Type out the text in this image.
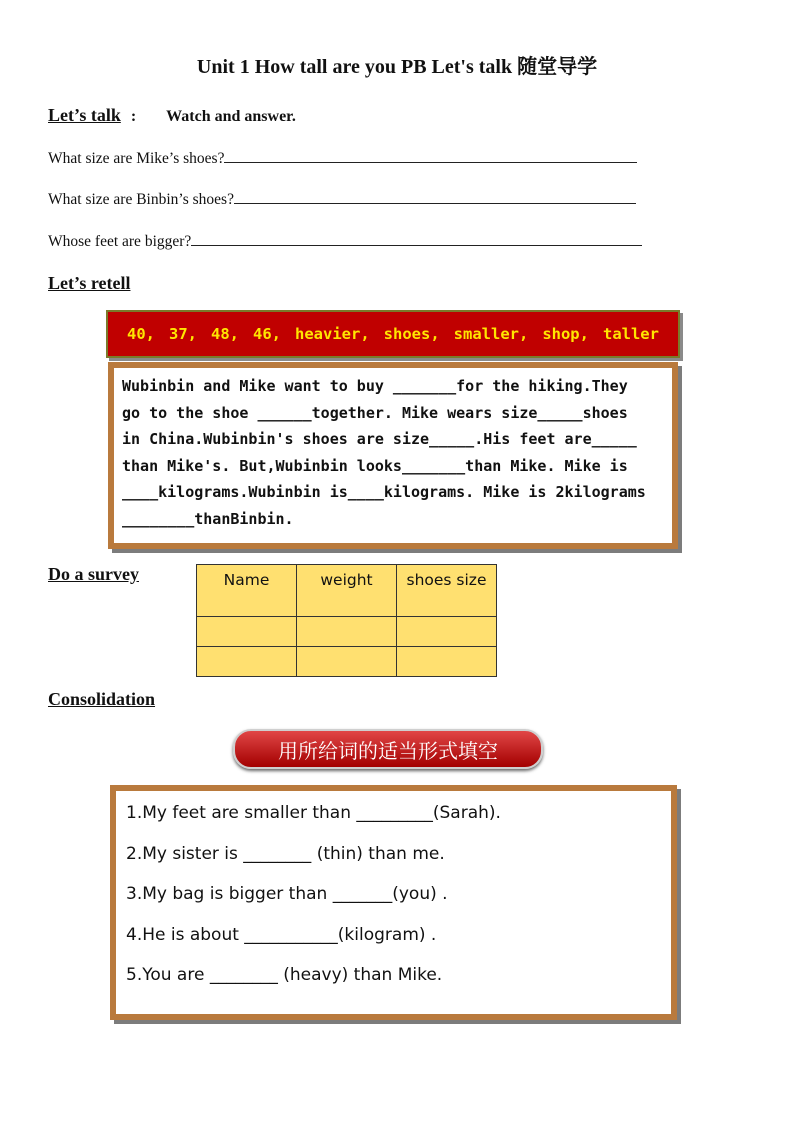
Unit 1 How tall are you PB Let's talk 随堂导学
Let’s talk : Watch and answer.
What size are Mike’s shoes?
What size are Binbin’s shoes?
Whose feet are bigger?
Let’s retell
40, 37, 48, 46, heavier, shoes, smaller, shop, taller
Wubinbin and Mike want to buy _______for the hiking.They
go to the shoe ______together. Mike wears size_____shoes
in China.Wubinbin's shoes are size_____.His feet are_____
than Mike's. But,Wubinbin looks_______than Mike. Mike is
____kilograms.Wubinbin is____kilograms. Mike is 2kilograms
________thanBinbin.
Do a survey	Name	weight	shoes size

Consolidation
用所给词的适当形式填空
1.My feet are smaller than _________(Sarah).
2.My sister is ________ (thin) than me.
3.My bag is bigger than _______(you) .
4.He is about ___________(kilogram) .
5.You are ________ (heavy) than Mike.
